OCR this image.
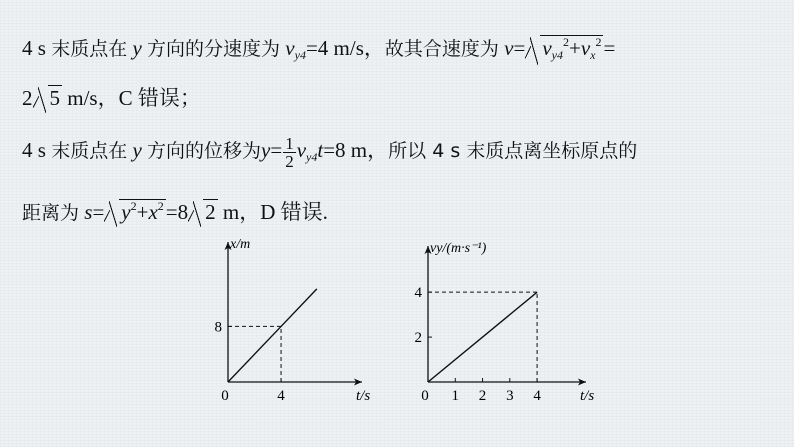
4 s 末质点在 y 方向的分速度为 $v_{y4}=4$ m/s，故其合速度为 $v= v_{y4}^2+v_x^2=$
2 5 m/s，C 错误；
4 s 末质点在 y 方向的位移为$y= \frac{1}{2} v_{y4}t=8$ m，所以 4 s 末质点离坐标原点的
距离为 $s= y^2+x^2=8$ 2 m，D 错误.
4
8
0	t/s
x/m
1 2 3 4
2
4
0	t/s
vy/(m·s⁻¹)
